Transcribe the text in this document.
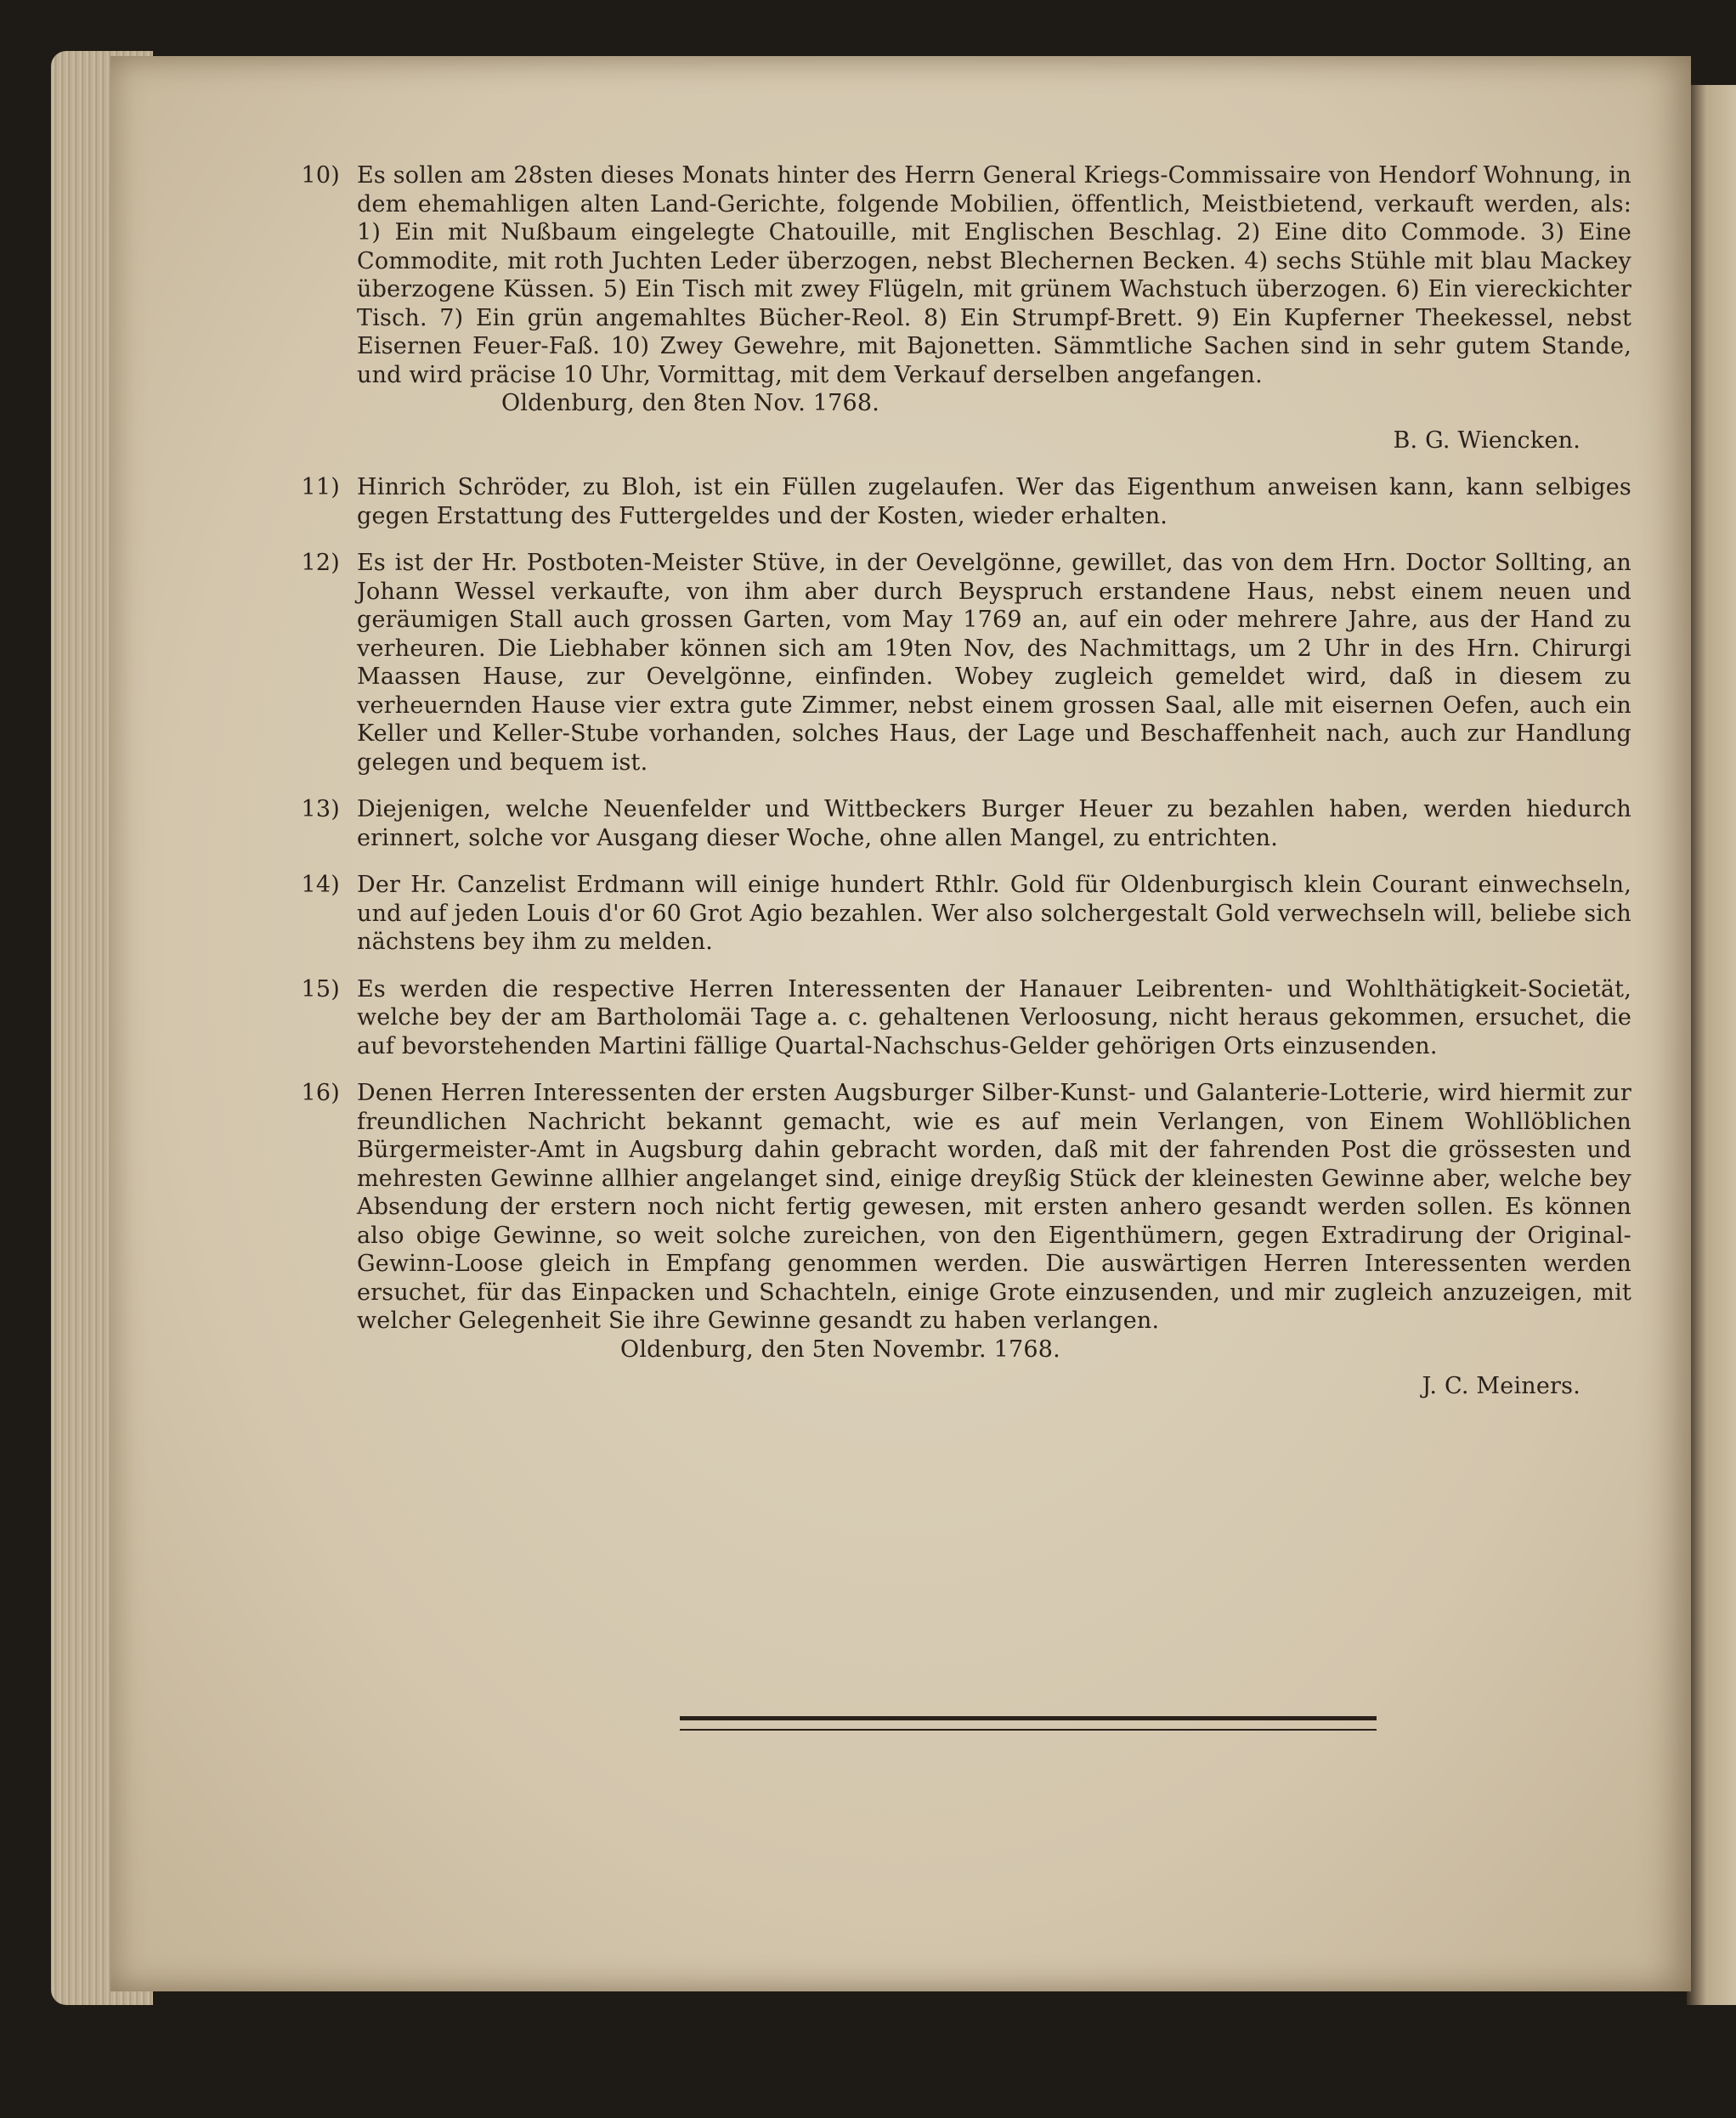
10) Es sollen am 28sten dieses Monats hinter des Herrn General Kriegs-Commissaire von Hendorf Wohnung, in dem ehemahligen alten Land-Gerichte, folgende Mobilien, öffentlich, Meistbietend, verkauft werden, als: 1) Ein mit Nußbaum eingelegte Chatouille, mit Englischen Beschlag. 2) Eine dito Commode. 3) Eine Commodite, mit roth Juchten Leder überzogen, nebst Blechernen Becken. 4) sechs Stühle mit blau Mackey überzogene Küssen. 5) Ein Tisch mit zwey Flügeln, mit grünem Wachstuch überzogen. 6) Ein viereckichter Tisch. 7) Ein grün angemahltes Bücher-Reol. 8) Ein Strumpf-Brett. 9) Ein Kupferner Theekessel, nebst Eisernen Feuer-Faß. 10) Zwey Gewehre, mit Bajonetten. Sämmtliche Sachen sind in sehr gutem Stande, und wird präcise 10 Uhr, Vormittag, mit dem Verkauf derselben angefangen.

Oldenburg, den 8ten Nov. 1768.
B. G. Wiencken.
11) Hinrich Schröder, zu Bloh, ist ein Füllen zugelaufen. Wer das Eigenthum anweisen kann, kann selbiges gegen Erstattung des Futtergeldes und der Kosten, wieder erhalten.

12) Es ist der Hr. Postboten-Meister Stüve, in der Oevelgönne, gewillet, das von dem Hrn. Doctor Sollting, an Johann Wessel verkaufte, von ihm aber durch Beyspruch erstandene Haus, nebst einem neuen und geräumigen Stall auch grossen Garten, vom May 1769 an, auf ein oder mehrere Jahre, aus der Hand zu verheuren. Die Liebhaber können sich am 19ten Nov, des Nachmittags, um 2 Uhr in des Hrn. Chirurgi Maassen Hause, zur Oevelgönne, einfinden. Wobey zugleich gemeldet wird, daß in diesem zu verheuernden Hause vier extra gute Zimmer, nebst einem grossen Saal, alle mit eisernen Oefen, auch ein Keller und Keller-Stube vorhanden, solches Haus, der Lage und Beschaffenheit nach, auch zur Handlung gelegen und bequem ist.

13) Diejenigen, welche Neuenfelder und Wittbeckers Burger Heuer zu bezahlen haben, werden hiedurch erinnert, solche vor Ausgang dieser Woche, ohne allen Mangel, zu entrichten.

14) Der Hr. Canzelist Erdmann will einige hundert Rthlr. Gold für Oldenburgisch klein Courant einwechseln, und auf jeden Louis d'or 60 Grot Agio bezahlen. Wer also solchergestalt Gold verwechseln will, beliebe sich nächstens bey ihm zu melden.

15) Es werden die respective Herren Interessenten der Hanauer Leibrenten- und Wohlthätigkeit-Societät, welche bey der am Bartholomäi Tage a. c. gehaltenen Verloosung, nicht heraus gekommen, ersuchet, die auf bevorstehenden Martini fällige Quartal-Nachschus-Gelder gehörigen Orts einzusenden.

16) Denen Herren Interessenten der ersten Augsburger Silber-Kunst- und Galanterie-Lotterie, wird hiermit zur freundlichen Nachricht bekannt gemacht, wie es auf mein Verlangen, von Einem Wohllöblichen Bürgermeister-Amt in Augsburg dahin gebracht worden, daß mit der fahrenden Post die grössesten und mehresten Gewinne allhier angelanget sind, einige dreyßig Stück der kleinesten Gewinne aber, welche bey Absendung der erstern noch nicht fertig gewesen, mit ersten anhero gesandt werden sollen. Es können also obige Gewinne, so weit solche zureichen, von den Eigenthümern, gegen Extradirung der Original-Gewinn-Loose gleich in Empfang genommen werden. Die auswärtigen Herren Interessenten werden ersuchet, für das Einpacken und Schachteln, einige Grote einzusenden, und mir zugleich anzuzeigen, mit welcher Gelegenheit Sie ihre Gewinne gesandt zu haben verlangen.

Oldenburg, den 5ten Novembr. 1768.
J. C. Meiners.
